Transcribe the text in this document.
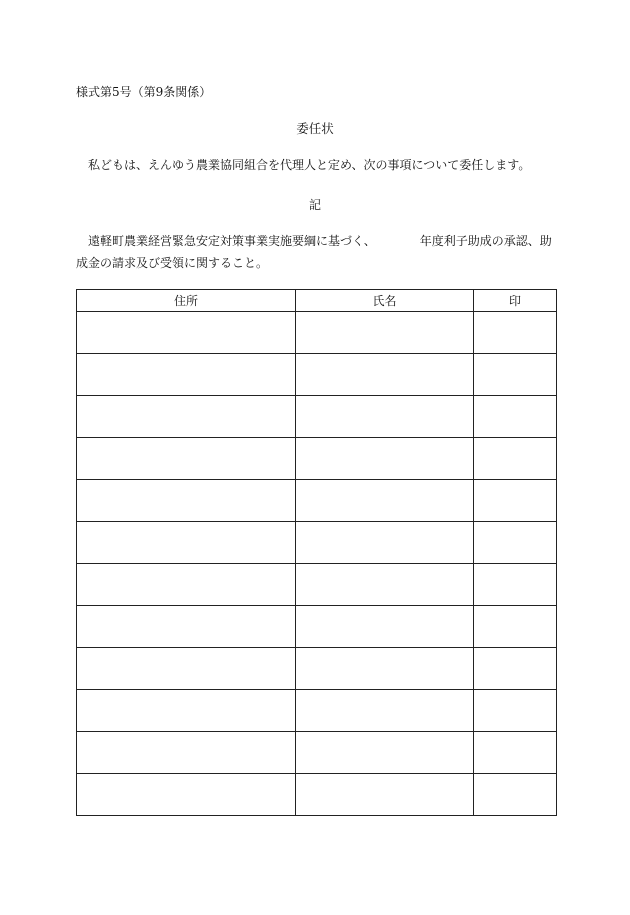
様式第5号（第9条関係）
委任状
私どもは、えんゆう農業協同組合を代理人と定め、次の事項について委任します。
記
遠軽町農業経営緊急安定対策事業実施要綱に基づく、	年度利子助成の承認、助
成金の請求及び受領に関すること。
住所	氏名	印
